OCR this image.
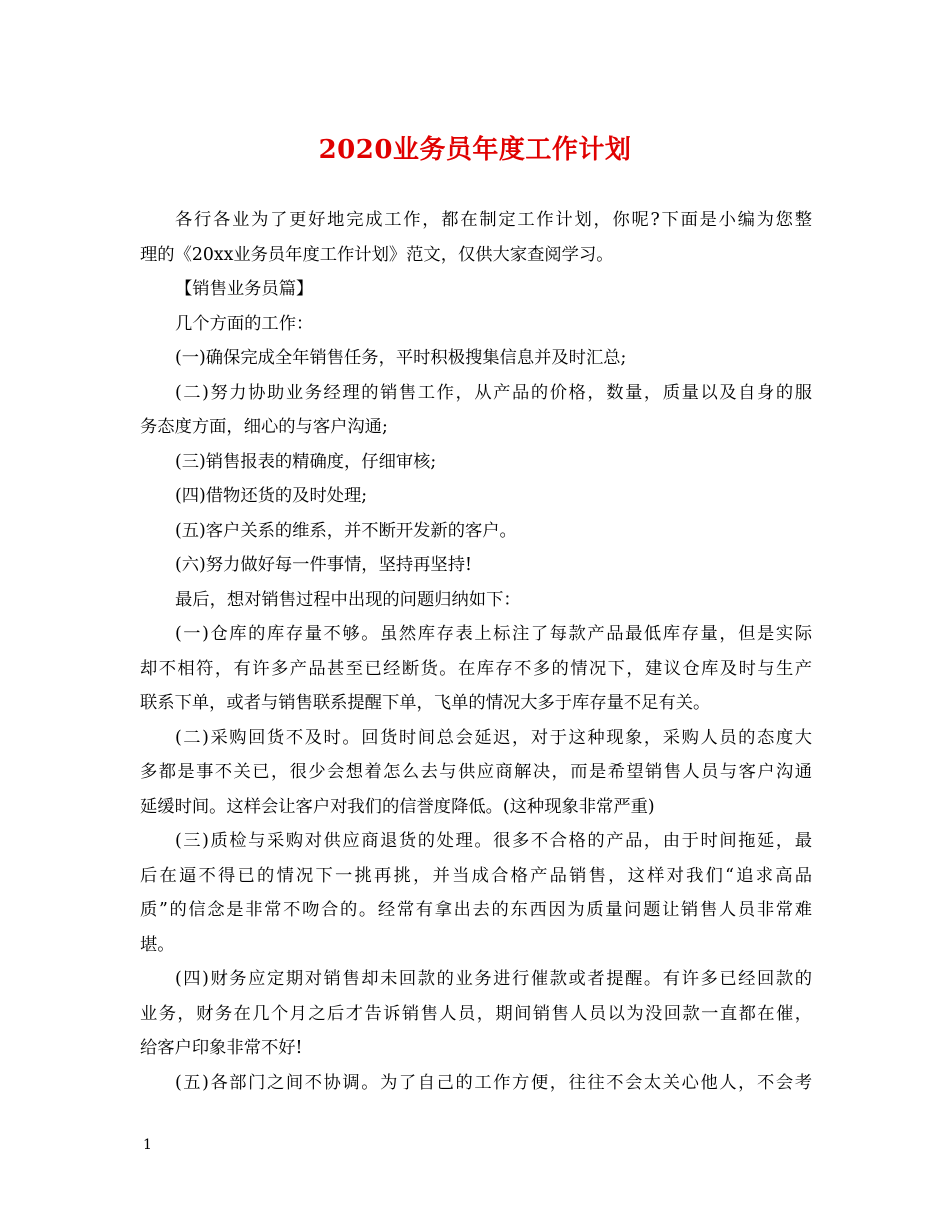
2020业务员年度工作计划
各行各业为了更好地完成工作，都在制定工作计划，你呢?下面是小编为您整
理的《20xx业务员年度工作计划》范文，仅供大家查阅学习。
【销售业务员篇】
几个方面的工作：
(一)确保完成全年销售任务，平时积极搜集信息并及时汇总;
(二)努力协助业务经理的销售工作，从产品的价格，数量，质量以及自身的服
务态度方面，细心的与客户沟通;
(三)销售报表的精确度，仔细审核;
(四)借物还货的及时处理;
(五)客户关系的维系，并不断开发新的客户。
(六)努力做好每一件事情，坚持再坚持!
最后，想对销售过程中出现的问题归纳如下：
(一)仓库的库存量不够。虽然库存表上标注了每款产品最低库存量，但是实际
却不相符，有许多产品甚至已经断货。在库存不多的情况下，建议仓库及时与生产
联系下单，或者与销售联系提醒下单，飞单的情况大多于库存量不足有关。
(二)采购回货不及时。回货时间总会延迟，对于这种现象，采购人员的态度大
多都是事不关已，很少会想着怎么去与供应商解决，而是希望销售人员与客户沟通
延缓时间。这样会让客户对我们的信誉度降低。(这种现象非常严重)
(三)质检与采购对供应商退货的处理。很多不合格的产品，由于时间拖延，最
后在逼不得已的情况下一挑再挑，并当成合格产品销售，这样对我们“追求高品
质”的信念是非常不吻合的。经常有拿出去的东西因为质量问题让销售人员非常难
堪。
(四)财务应定期对销售却未回款的业务进行催款或者提醒。有许多已经回款的
业务，财务在几个月之后才告诉销售人员，期间销售人员以为没回款一直都在催，
给客户印象非常不好!
(五)各部门之间不协调。为了自己的工作方便，往往不会太关心他人，不会考
1
